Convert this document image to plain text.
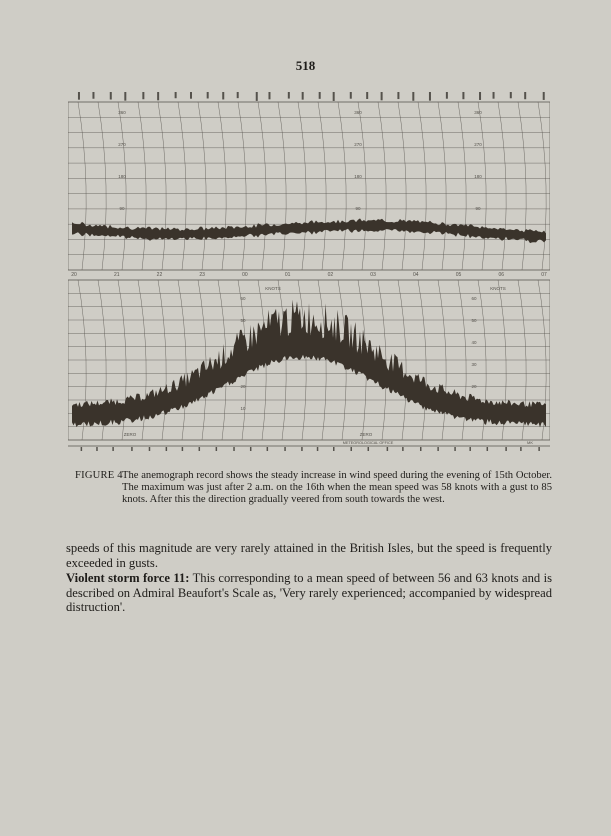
518
360	360	360
270	270	270
180	180	180
90	90	90
20	21	22	23	00	01	02	03	04	05	06	07
KNOTS	KNOTS
60	60
50	50
40
30
20	20
10
ZERO	ZERO
METEOROLOGICAL OFFICE	MK
FIGURE 4 The anemograph record shows the steady increase in wind speed during the evening of 15th October. The maximum was just after 2 a.m. on the 16th when the mean speed was 58 knots with a gust to 85 knots. After this the direction gradually veered from south towards the west.

speeds of this magnitude are very rarely attained in the British Isles, but the speed is frequently exceeded in gusts.

Violent storm force 11: This corresponding to a mean speed of between 56 and 63 knots and is described on Admiral Beaufort's Scale as, 'Very rarely experienced; accompanied by widespread distruction'.
